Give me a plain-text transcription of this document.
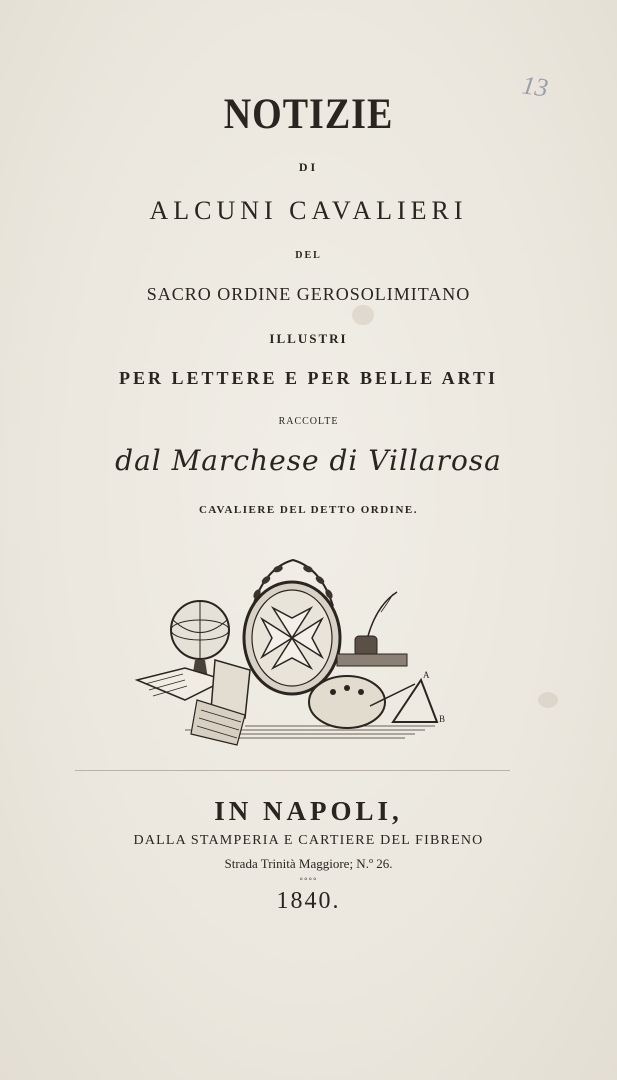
13
NOTIZIE
DI
ALCUNI CAVALIERI
DEL
SACRO ORDINE GEROSOLIMITANO
ILLUSTRI
PER LETTERE E PER BELLE ARTI
RACCOLTE
dal Marchese di Villarosa
CAVALIERE DEL DETTO ORDINE.
A
B
IN NAPOLI,
DALLA STAMPERIA E CARTIERE DEL FIBRENO
Strada Trinità Maggiore; N.º 26.
◦◦◦◦
1840.
